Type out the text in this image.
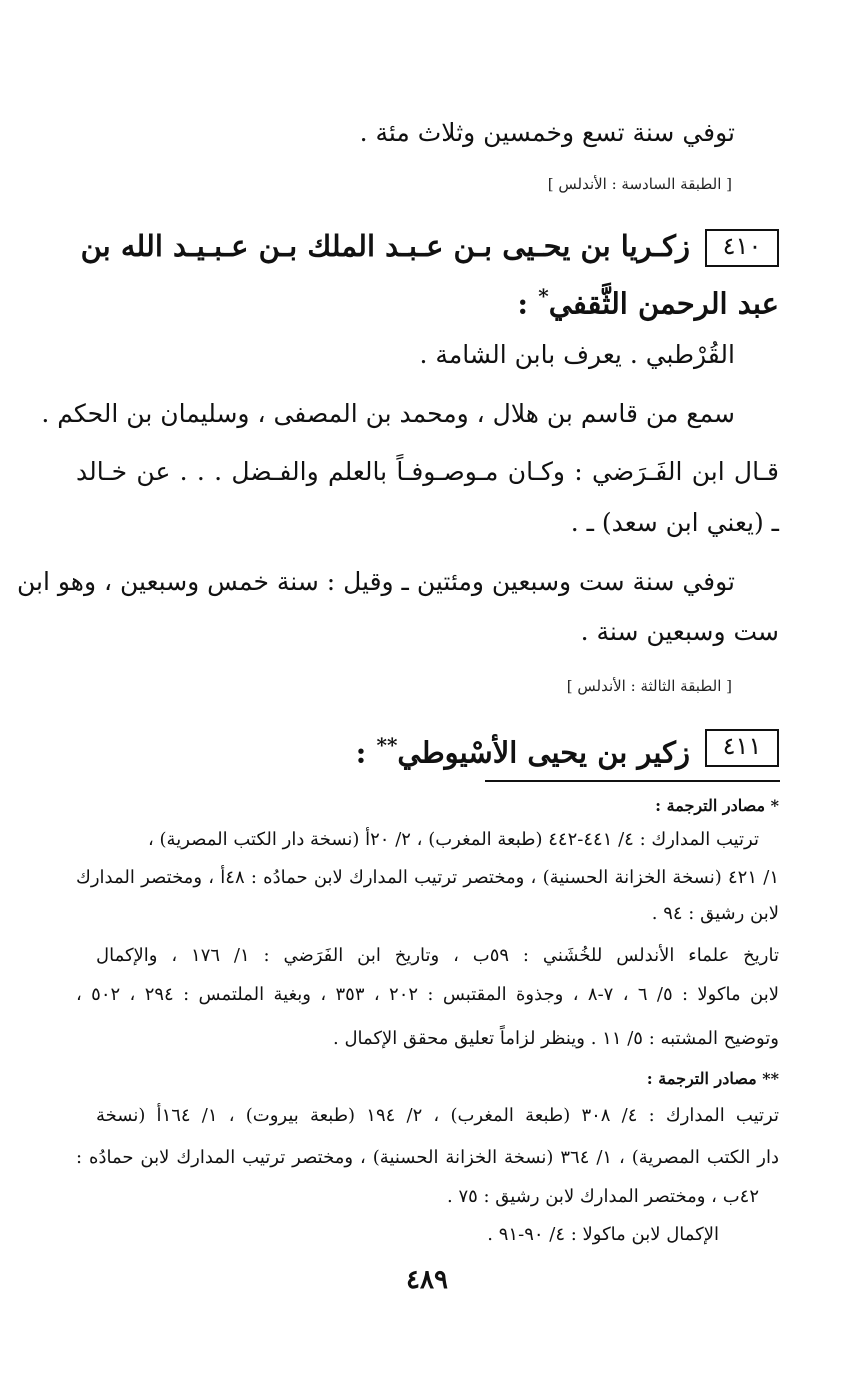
توفي سنة تسع وخمسين وثلاث مئة .
[ الطبقة السادسة : الأندلس ]
٤١٠
زكـريا بن يحـيى بـن عـبـد الملك بـن عـبـيـد الله بن
عبد الرحمن الثَّقفي* :
القُرْطبي . يعرف بابن الشامة .
سمع من قاسم بن هلال ، ومحمد بن المصفى ، وسليمان بن الحكم .
قـال ابن الفَـرَضي : وكـان مـوصـوفـاً بالعلم والفـضل . . . عن خـالد
ـ (يعني ابن سعد) ـ .
توفي سنة ست وسبعين ومئتين ـ وقيل : سنة خمس وسبعين ، وهو ابن
ست وسبعين سنة .
[ الطبقة الثالثة : الأندلس ]
٤١١
زكير بن يحيى الأسْيوطي** :
* مصادر الترجمة :
ترتيب المدارك : ٤/ ٤٤١-٤٤٢ (طبعة المغرب) ، ٢/ ٢٠أ (نسخة دار الكتب المصرية) ،
١/ ٤٢١ (نسخة الخزانة الحسنية) ، ومختصر ترتيب المدارك لابن حمادُه : ٤٨أ ، ومختصر المدارك
لابن رشيق : ٩٤ .
تاريخ علماء الأندلس للخُشَني : ٥٩ب ، وتاريخ ابن الفَرَضي : ١/ ١٧٦ ، والإكمال
لابن ماكولا : ٥/ ٦ ، ٧-٨ ، وجذوة المقتبس : ٢٠٢ ، ٣٥٣ ، وبغية الملتمس : ٢٩٤ ، ٥٠٢ ،
وتوضيح المشتبه : ٥/ ١١ . وينظر لزاماً تعليق محقق الإكمال .
** مصادر الترجمة :
ترتيب المدارك : ٤/ ٣٠٨ (طبعة المغرب) ، ٢/ ١٩٤ (طبعة بيروت) ، ١/ ١٦٤أ (نسخة
دار الكتب المصرية) ، ١/ ٣٦٤ (نسخة الخزانة الحسنية) ، ومختصر ترتيب المدارك لابن حمادُه :
٤٢ب ، ومختصر المدارك لابن رشيق : ٧٥ .
الإكمال لابن ماكولا : ٤/ ٩٠-٩١ .
٤٨٩
